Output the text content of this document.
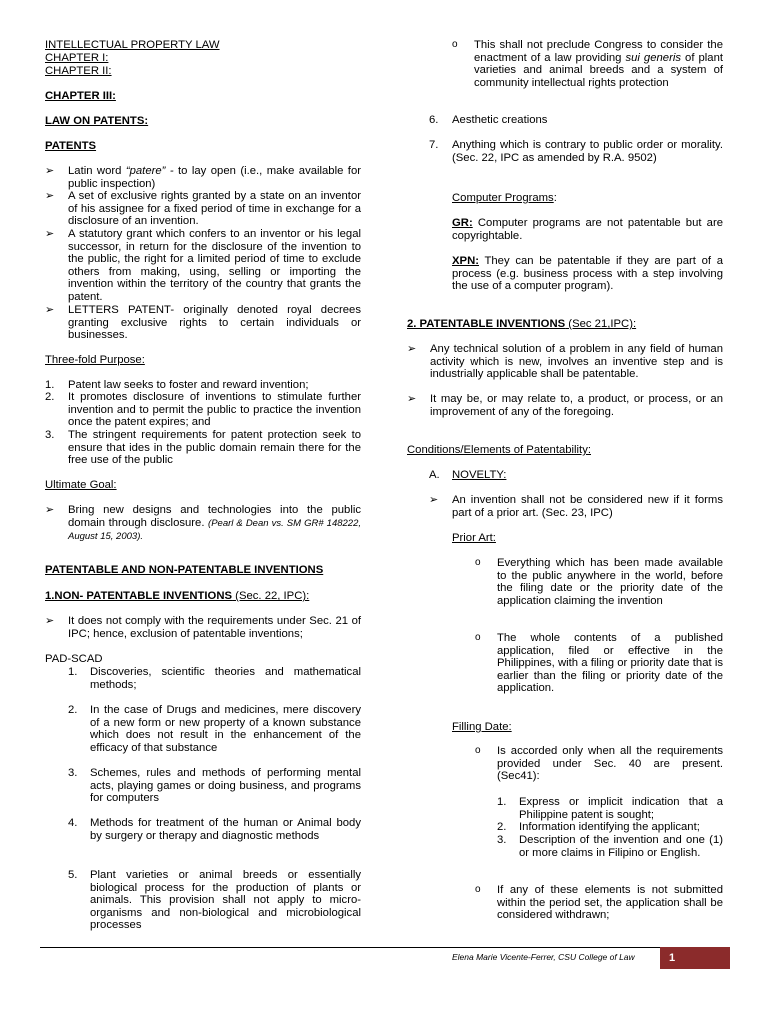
INTELLECTUAL PROPERTY LAW
CHAPTER I:
CHAPTER II:
CHAPTER III:
LAW ON PATENTS:
PATENTS
➢	Latin word “patere” - to lay open (i.e., make available for public inspection)
➢	A set of exclusive rights granted by a state on an inventor of his assignee for a fixed period of time in exchange for a disclosure of an invention.
➢	A statutory grant which confers to an inventor or his legal successor, in return for the disclosure of the invention to the public, the right for a limited period of time to exclude others from making, using, selling or importing the invention within the territory of the country that grants the patent.
➢	LETTERS PATENT- originally denoted royal decrees granting exclusive rights to certain individuals or businesses.
Three-fold Purpose:
1.	Patent law seeks to foster and reward invention;
2.	It promotes disclosure of inventions to stimulate further invention and to permit the public to practice the invention once the patent expires; and
3.	The stringent requirements for patent protection seek to ensure that ides in the public domain remain there for the free use of the public
Ultimate Goal:
➢	Bring new designs and technologies into the public domain through disclosure. (Pearl & Dean vs. SM GR# 148222, August 15, 2003).
PATENTABLE AND NON-PATENTABLE INVENTIONS
1.NON- PATENTABLE INVENTIONS (Sec. 22, IPC):
➢	It does not comply with the requirements under Sec. 21 of IPC; hence, exclusion of patentable inventions;
PAD-SCAD
1.	Discoveries, scientific theories and mathematical methods;
2.	In the case of Drugs and medicines, mere discovery of a new form or new property of a known substance which does not result in the enhancement of the efficacy of that substance
3.	Schemes, rules and methods of performing mental acts, playing games or doing business, and programs for computers
4.	Methods for treatment of the human or Animal body by surgery or therapy and diagnostic methods
5.	Plant varieties or animal breeds or essentially biological process for the production of plants or animals. This provision shall not apply to micro-organisms and non-biological and microbiological processes
o This shall not preclude Congress to consider the enactment of a law providing sui generis of plant varieties and animal breeds and a system of community intellectual rights protection
6.	Aesthetic creations
7.	Anything which is contrary to public order or morality. (Sec. 22, IPC as amended by R.A. 9502)
Computer Programs:
GR: Computer programs are not patentable but are copyrightable.
XPN: They can be patentable if they are part of a process (e.g. business process with a step involving the use of a computer program).
2. PATENTABLE INVENTIONS (Sec 21,IPC):
➢	Any technical solution of a problem in any field of human activity which is new, involves an inventive step and is industrially applicable shall be patentable.
➢	It may be, or may relate to, a product, or process, or an improvement of any of the foregoing.
Conditions/Elements of Patentability:
A. NOVELTY:
➢	An invention shall not be considered new if it forms part of a prior art. (Sec. 23, IPC)
Prior Art:
o Everything which has been made available to the public anywhere in the world, before the filing date or the priority date of the application claiming the invention
o The whole contents of a published application, filed or effective in the Philippines, with a filing or priority date that is earlier than the filing or priority date of the application.
Filling Date:
o Is accorded only when all the requirements provided under Sec. 40 are present. (Sec41):
1.	Express or implicit indication that a Philippine patent is sought;
2.	Information identifying the applicant;
3.	Description of the invention and one (1) or more claims in Filipino or English.
o If any of these elements is not submitted within the period set, the application shall be considered withdrawn;
Elena Marie Vicente-Ferrer, CSU College of Law	1
